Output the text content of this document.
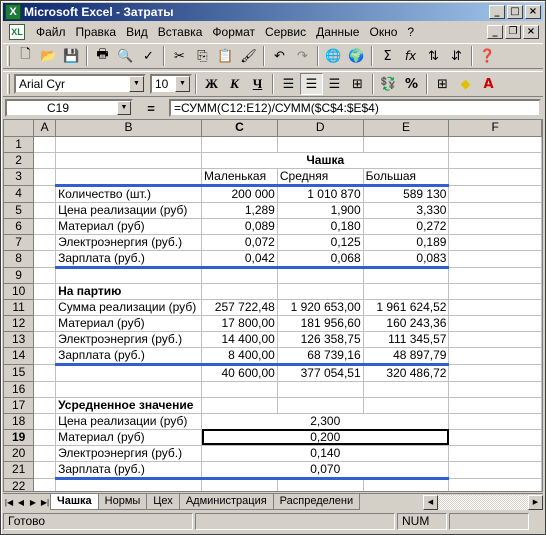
X Microsoft Excel - Затраты	_	□ ×
XL	Файл Правка Вид Вставка Формат Сервис Данные Окно ?	_	❐ ×
🗋 📂 💾	🖶 🔍 ✓	✂ ⎘ 📋 🖌	↶ ↷	🌐 🌍	Σ	fx ⇅ ⇵	❓
Arial Cyr	▼	10	▼	Ж К	Ч	☰ ☰ ☰ ⊞	💱 %	⊞ ◆ A
C19	▼	=	=СУММ(C12:E12)/СУММ($C$4:$E$4)
	A	B	C	D	E	F
1						
2			Чашка			
3			Маленькая	Средняя	Большая	
4		Количество (шт.)	200 000	1 010 870	589 130	
5		Цена реализации (руб)	1,289	1,900	3,330	
6		Материал (руб)	0,089	0,180	0,272	
7		Электроэнергия (руб.)	0,072	0,125	0,189	
8		Зарплата (руб.)	0,042	0,068	0,083	
9						
10		На партию				
11		Сумма реализации (руб)	257 722,48	1 920 653,00	1 961 624,52	
12		Материал (руб)	17 800,00	181 956,60	160 243,36	
13		Электроэнергия (руб.)	14 400,00	126 358,75	111 345,57	
14		Зарплата (руб.)	8 400,00	68 739,16	48 897,79	
15			40 600,00	377 054,51	320 486,72	
16						
17		Усредненное значение				
18		Цена реализации (руб)	2,300			
19		Материал (руб)	0,200			
20		Электроэнергия (руб.)	0,140			
21		Зарплата (руб.)	0,070			
22						
|◀ ◀ ▶ ▶| Чашка	Нормы	Цех	Администрация	Распределени	◀	▶
Готово	NUM
